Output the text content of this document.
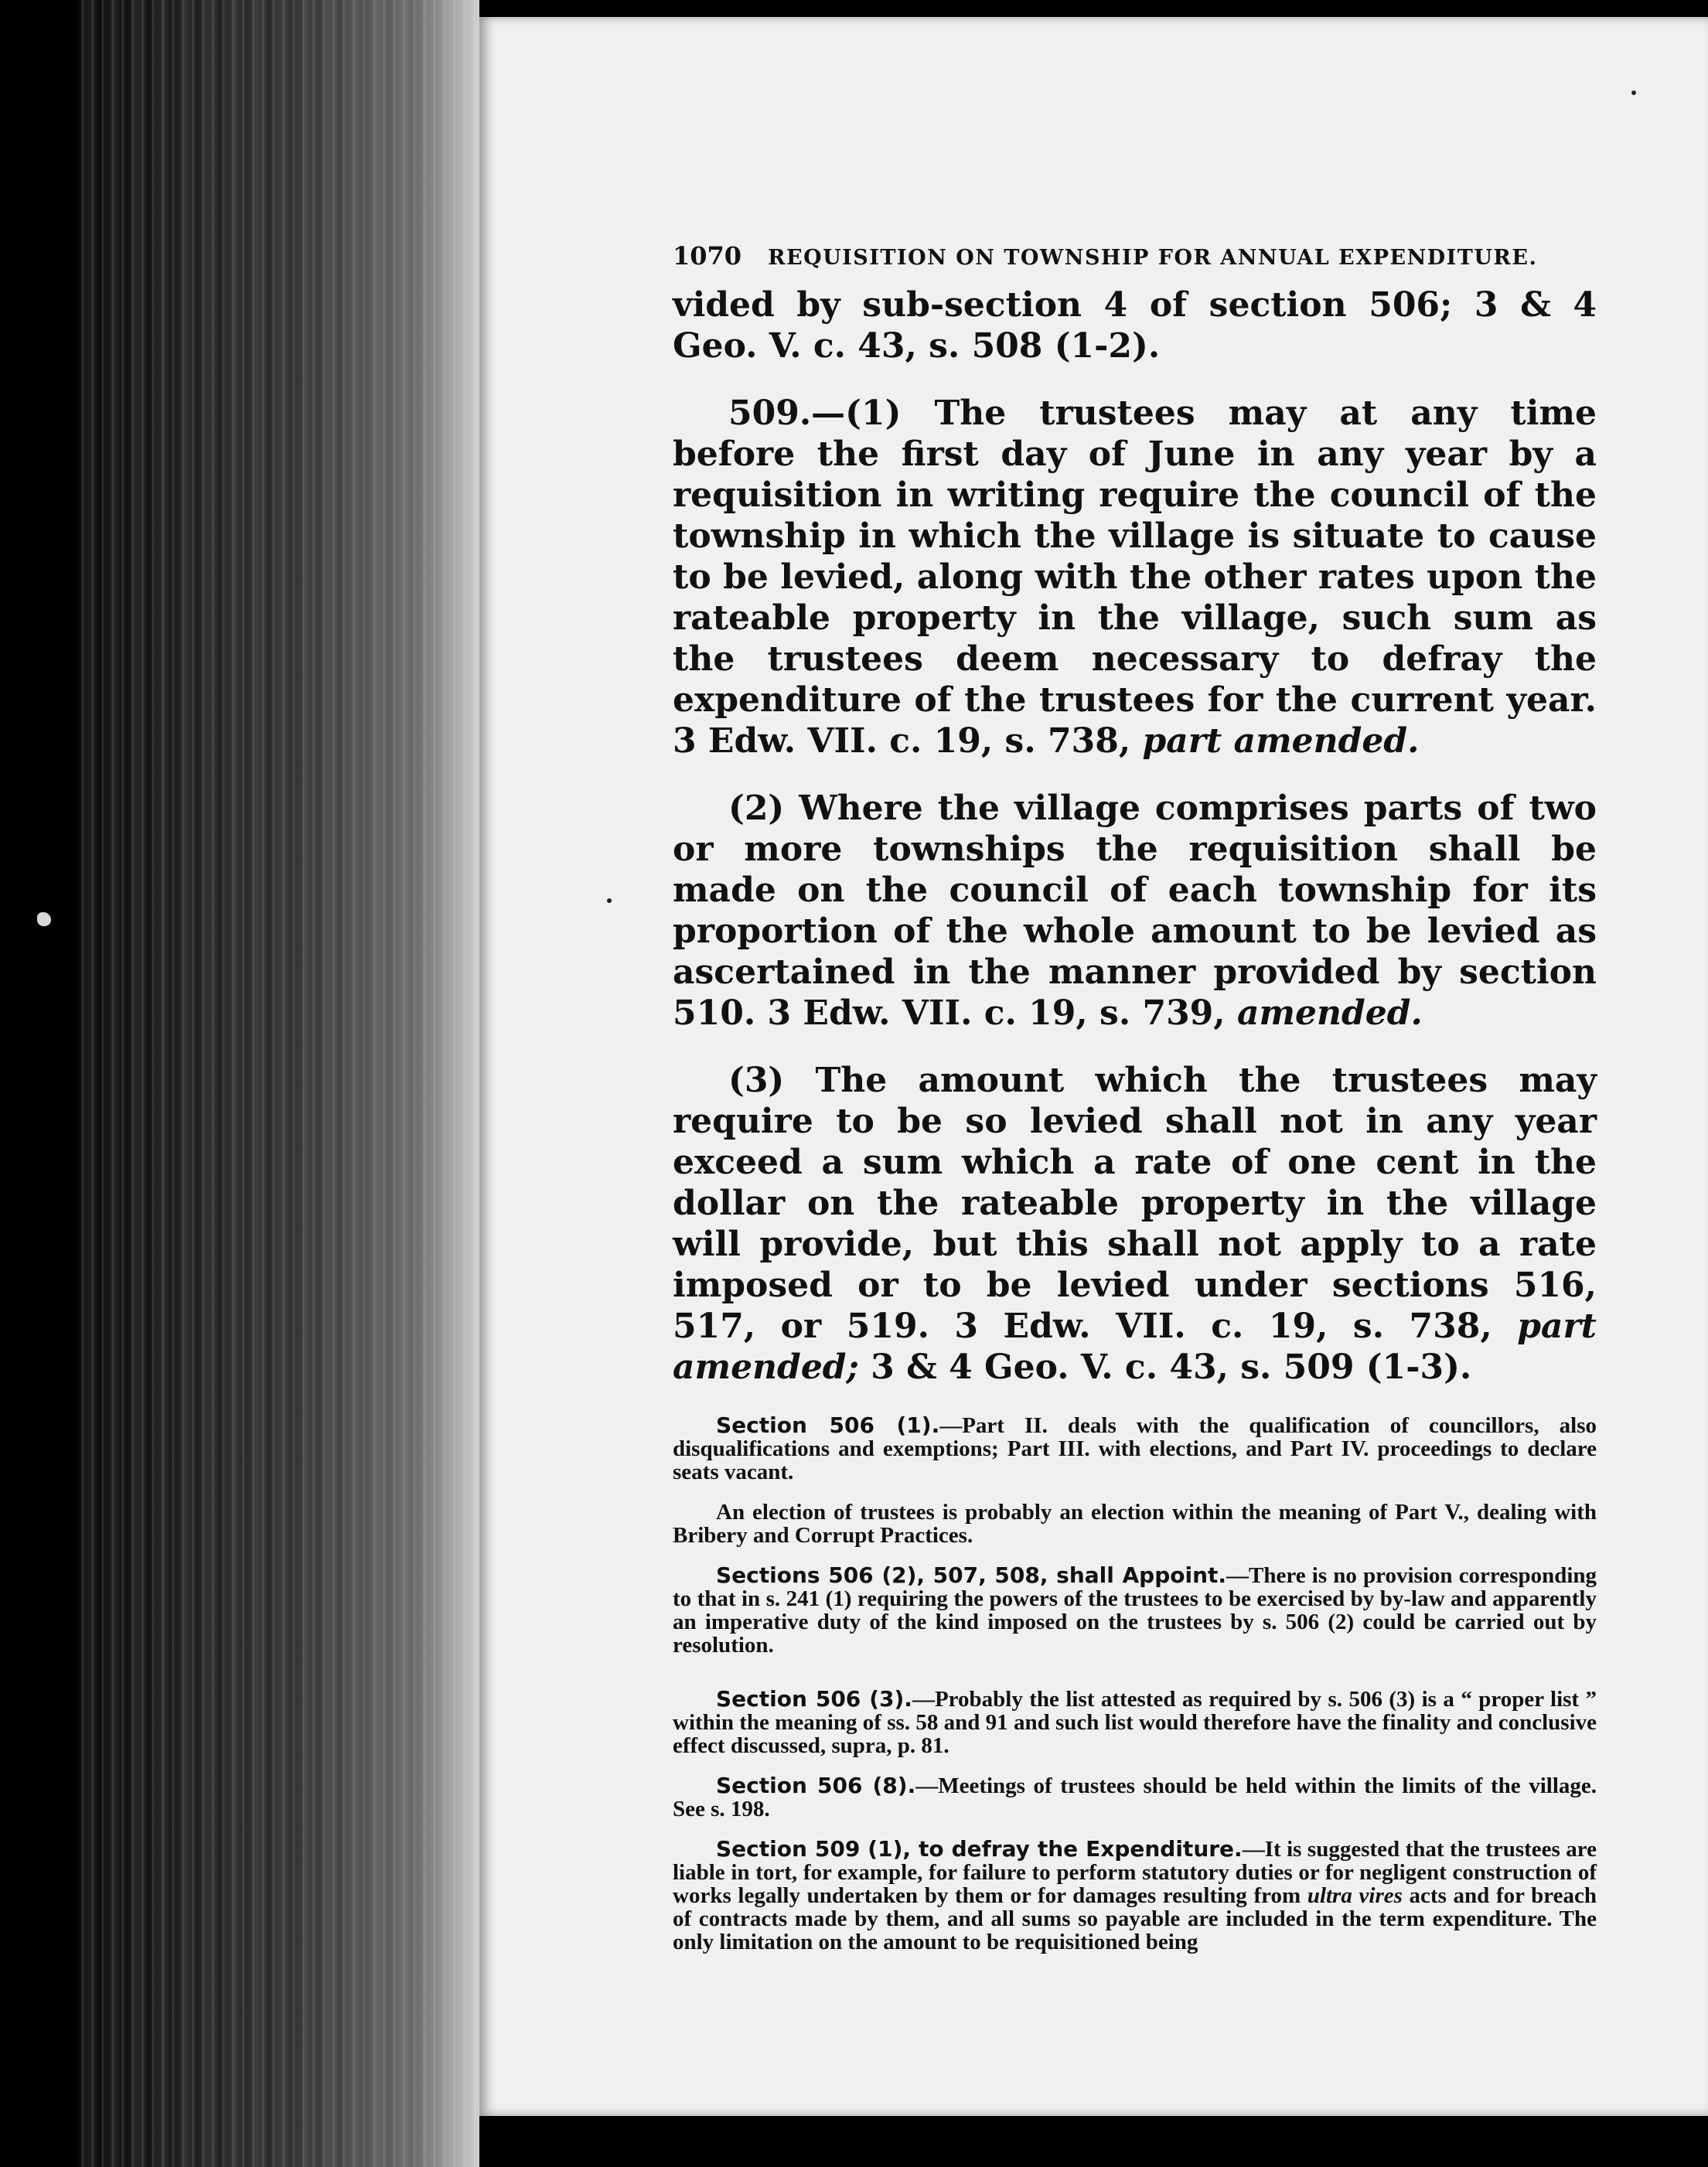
1070 REQUISITION ON TOWNSHIP FOR ANNUAL EXPENDITURE.

vided by sub-section 4 of section 506; 3 & 4 Geo. V. c. 43, s. 508 (1-2).

509.—(1) The trustees may at any time before the first day of June in any year by a requisition in writing require the council of the township in which the village is situate to cause to be levied, along with the other rates upon the rateable property in the village, such sum as the trustees deem necessary to defray the expenditure of the trustees for the current year. 3 Edw. VII. c. 19, s. 738, part amended.

(2) Where the village comprises parts of two or more townships the requisition shall be made on the council of each township for its proportion of the whole amount to be levied as ascertained in the manner provided by section 510. 3 Edw. VII. c. 19, s. 739, amended.

(3) The amount which the trustees may require to be so levied shall not in any year exceed a sum which a rate of one cent in the dollar on the rateable property in the village will provide, but this shall not apply to a rate imposed or to be levied under sections 516, 517, or 519. 3 Edw. VII. c. 19, s. 738, part amended; 3 & 4 Geo. V. c. 43, s. 509 (1-3).

Section 506 (1).—Part II. deals with the qualification of councillors, also disqualifications and exemptions; Part III. with elections, and Part IV. proceedings to declare seats vacant.

An election of trustees is probably an election within the meaning of Part V., dealing with Bribery and Corrupt Practices.

Sections 506 (2), 507, 508, shall Appoint.—There is no provision corresponding to that in s. 241 (1) requiring the powers of the trustees to be exercised by by-law and apparently an imperative duty of the kind imposed on the trustees by s. 506 (2) could be carried out by resolution.

Section 506 (3).—Probably the list attested as required by s. 506 (3) is a “ proper list ” within the meaning of ss. 58 and 91 and such list would therefore have the finality and conclusive effect discussed, supra, p. 81.

Section 506 (8).—Meetings of trustees should be held within the limits of the village. See s. 198.

Section 509 (1), to defray the Expenditure.—It is suggested that the trustees are liable in tort, for example, for failure to perform statutory duties or for negligent construction of works legally undertaken by them or for damages resulting from ultra vires acts and for breach of contracts made by them, and all sums so payable are included in the term expenditure. The only limitation on the amount to be requisitioned being
